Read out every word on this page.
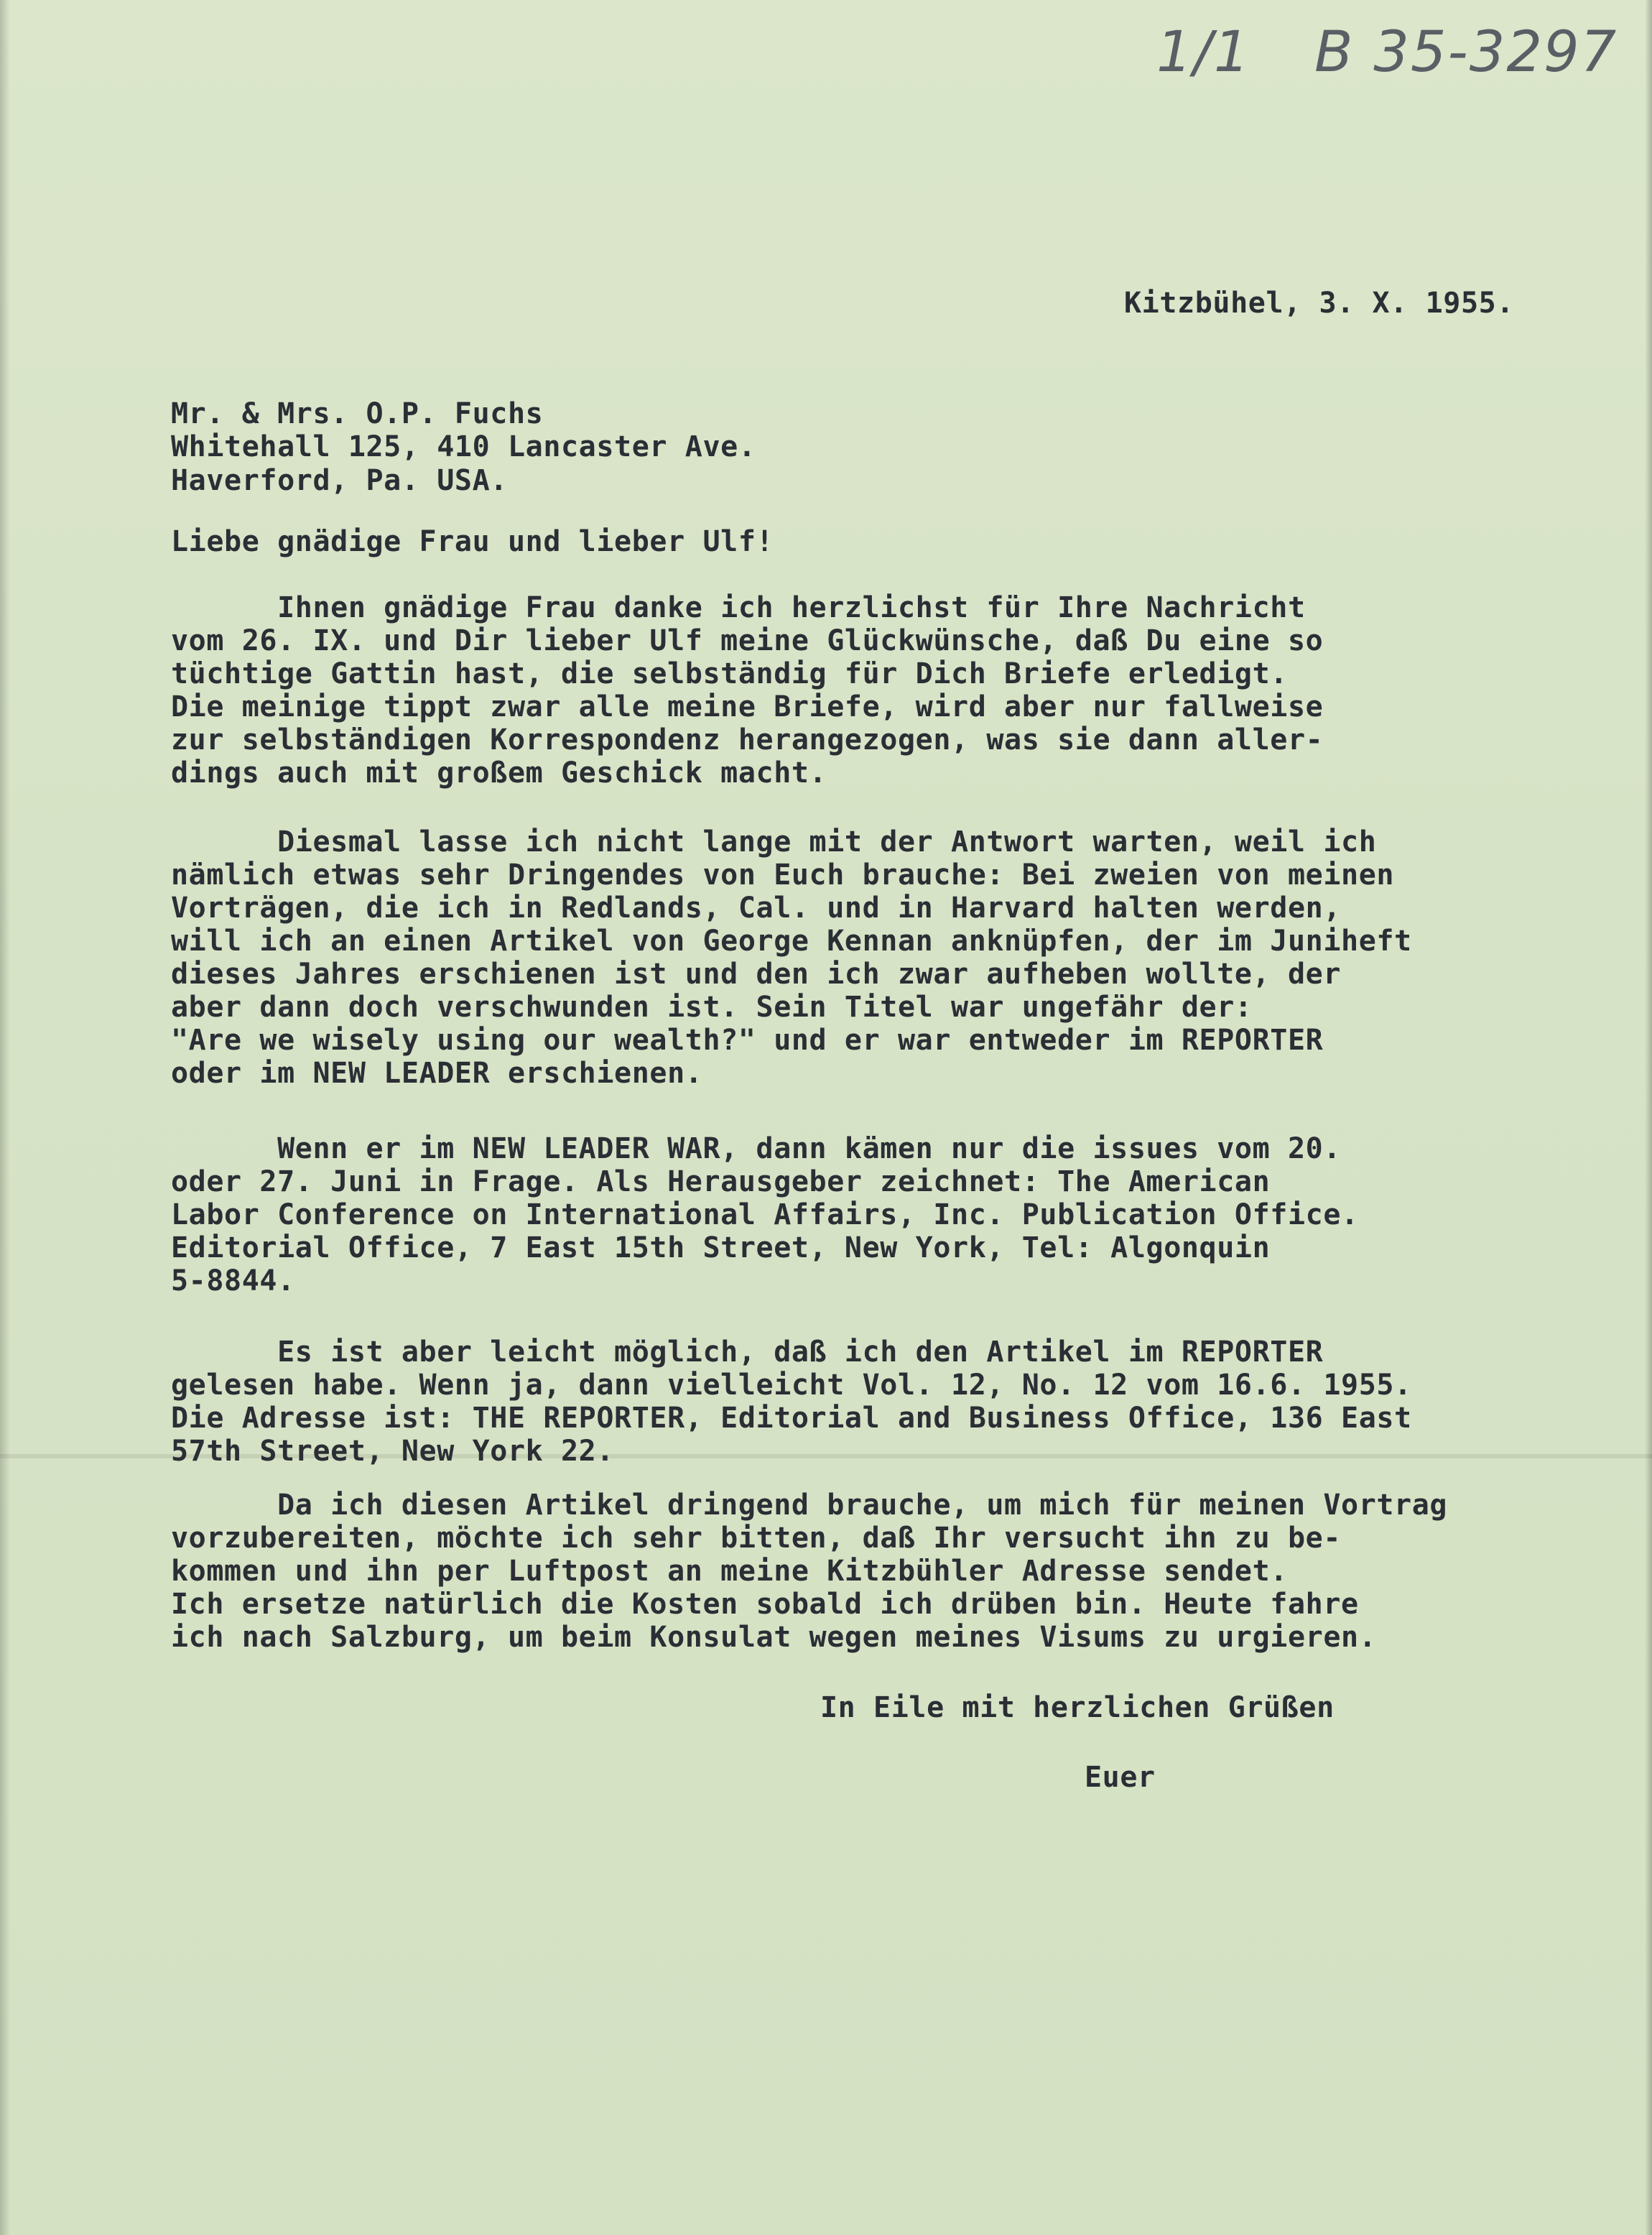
1/1 B 35-3297
Kitzbühel, 3. X. 1955.
Mr. & Mrs. O.P. Fuchs
Whitehall 125, 410 Lancaster Ave.
Haverford, Pa. USA.
Liebe gnädige Frau und lieber Ulf!
Ihnen gnädige Frau danke ich herzlichst für Ihre Nachricht
vom 26. IX. und Dir lieber Ulf meine Glückwünsche, daß Du eine so
tüchtige Gattin hast, die selbständig für Dich Briefe erledigt.
Die meinige tippt zwar alle meine Briefe, wird aber nur fallweise
zur selbständigen Korrespondenz herangezogen, was sie dann aller-
dings auch mit großem Geschick macht.
Diesmal lasse ich nicht lange mit der Antwort warten, weil ich
nämlich etwas sehr Dringendes von Euch brauche: Bei zweien von meinen
Vorträgen, die ich in Redlands, Cal. und in Harvard halten werden,
will ich an einen Artikel von George Kennan anknüpfen, der im Juniheft
dieses Jahres erschienen ist und den ich zwar aufheben wollte, der
aber dann doch verschwunden ist. Sein Titel war ungefähr der:
"Are we wisely using our wealth?" und er war entweder im REPORTER
oder im NEW LEADER erschienen.
Wenn er im NEW LEADER WAR, dann kämen nur die issues vom 20.
oder 27. Juni in Frage. Als Herausgeber zeichnet: The American
Labor Conference on International Affairs, Inc. Publication Office.
Editorial Office, 7 East 15th Street, New York, Tel: Algonquin
5-8844.
Es ist aber leicht möglich, daß ich den Artikel im REPORTER
gelesen habe. Wenn ja, dann vielleicht Vol. 12, No. 12 vom 16.6. 1955.
Die Adresse ist: THE REPORTER, Editorial and Business Office, 136 East
57th Street, New York 22.
Da ich diesen Artikel dringend brauche, um mich für meinen Vortrag
vorzubereiten, möchte ich sehr bitten, daß Ihr versucht ihn zu be-
kommen und ihn per Luftpost an meine Kitzbühler Adresse sendet.
Ich ersetze natürlich die Kosten sobald ich drüben bin. Heute fahre
ich nach Salzburg, um beim Konsulat wegen meines Visums zu urgieren.
In Eile mit herzlichen Grüßen
Euer
